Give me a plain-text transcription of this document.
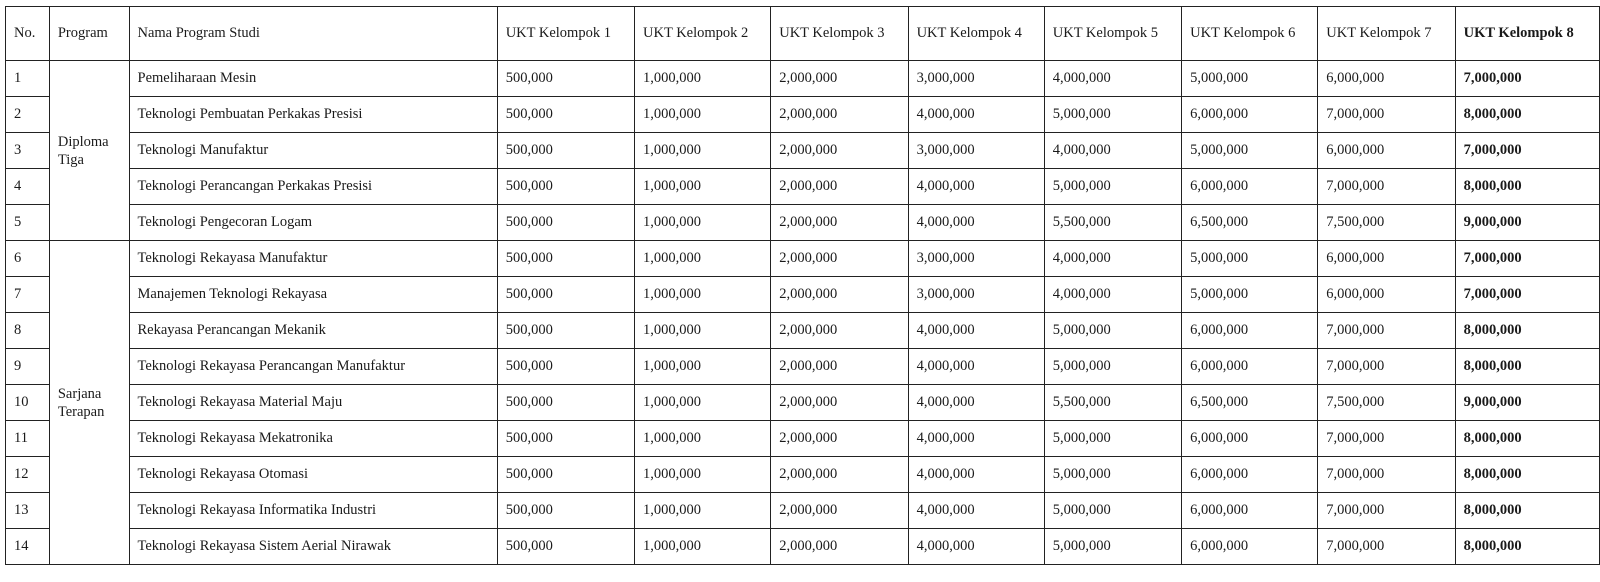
No.	Program	Nama Program Studi	UKT Kelompok 1	UKT Kelompok 2	UKT Kelompok 3	UKT Kelompok 4	UKT Kelompok 5	UKT Kelompok 6	UKT Kelompok 7	UKT Kelompok 8
1	Diploma Tiga	Pemeliharaan Mesin	500,000	1,000,000	2,000,000	3,000,000	4,000,000	5,000,000	6,000,000	7,000,000
2		Teknologi Pembuatan Perkakas Presisi	500,000	1,000,000	2,000,000	4,000,000	5,000,000	6,000,000	7,000,000	8,000,000
3		Teknologi Manufaktur	500,000	1,000,000	2,000,000	3,000,000	4,000,000	5,000,000	6,000,000	7,000,000
4		Teknologi Perancangan Perkakas Presisi	500,000	1,000,000	2,000,000	4,000,000	5,000,000	6,000,000	7,000,000	8,000,000
5		Teknologi Pengecoran Logam	500,000	1,000,000	2,000,000	4,000,000	5,500,000	6,500,000	7,500,000	9,000,000
6	Sarjana Terapan	Teknologi Rekayasa Manufaktur	500,000	1,000,000	2,000,000	3,000,000	4,000,000	5,000,000	6,000,000	7,000,000
7		Manajemen Teknologi Rekayasa	500,000	1,000,000	2,000,000	3,000,000	4,000,000	5,000,000	6,000,000	7,000,000
8		Rekayasa Perancangan Mekanik	500,000	1,000,000	2,000,000	4,000,000	5,000,000	6,000,000	7,000,000	8,000,000
9		Teknologi Rekayasa Perancangan Manufaktur	500,000	1,000,000	2,000,000	4,000,000	5,000,000	6,000,000	7,000,000	8,000,000
10		Teknologi Rekayasa Material Maju	500,000	1,000,000	2,000,000	4,000,000	5,500,000	6,500,000	7,500,000	9,000,000
11		Teknologi Rekayasa Mekatronika	500,000	1,000,000	2,000,000	4,000,000	5,000,000	6,000,000	7,000,000	8,000,000
12		Teknologi Rekayasa Otomasi	500,000	1,000,000	2,000,000	4,000,000	5,000,000	6,000,000	7,000,000	8,000,000
13		Teknologi Rekayasa Informatika Industri	500,000	1,000,000	2,000,000	4,000,000	5,000,000	6,000,000	7,000,000	8,000,000
14		Teknologi Rekayasa Sistem Aerial Nirawak	500,000	1,000,000	2,000,000	4,000,000	5,000,000	6,000,000	7,000,000	8,000,000
